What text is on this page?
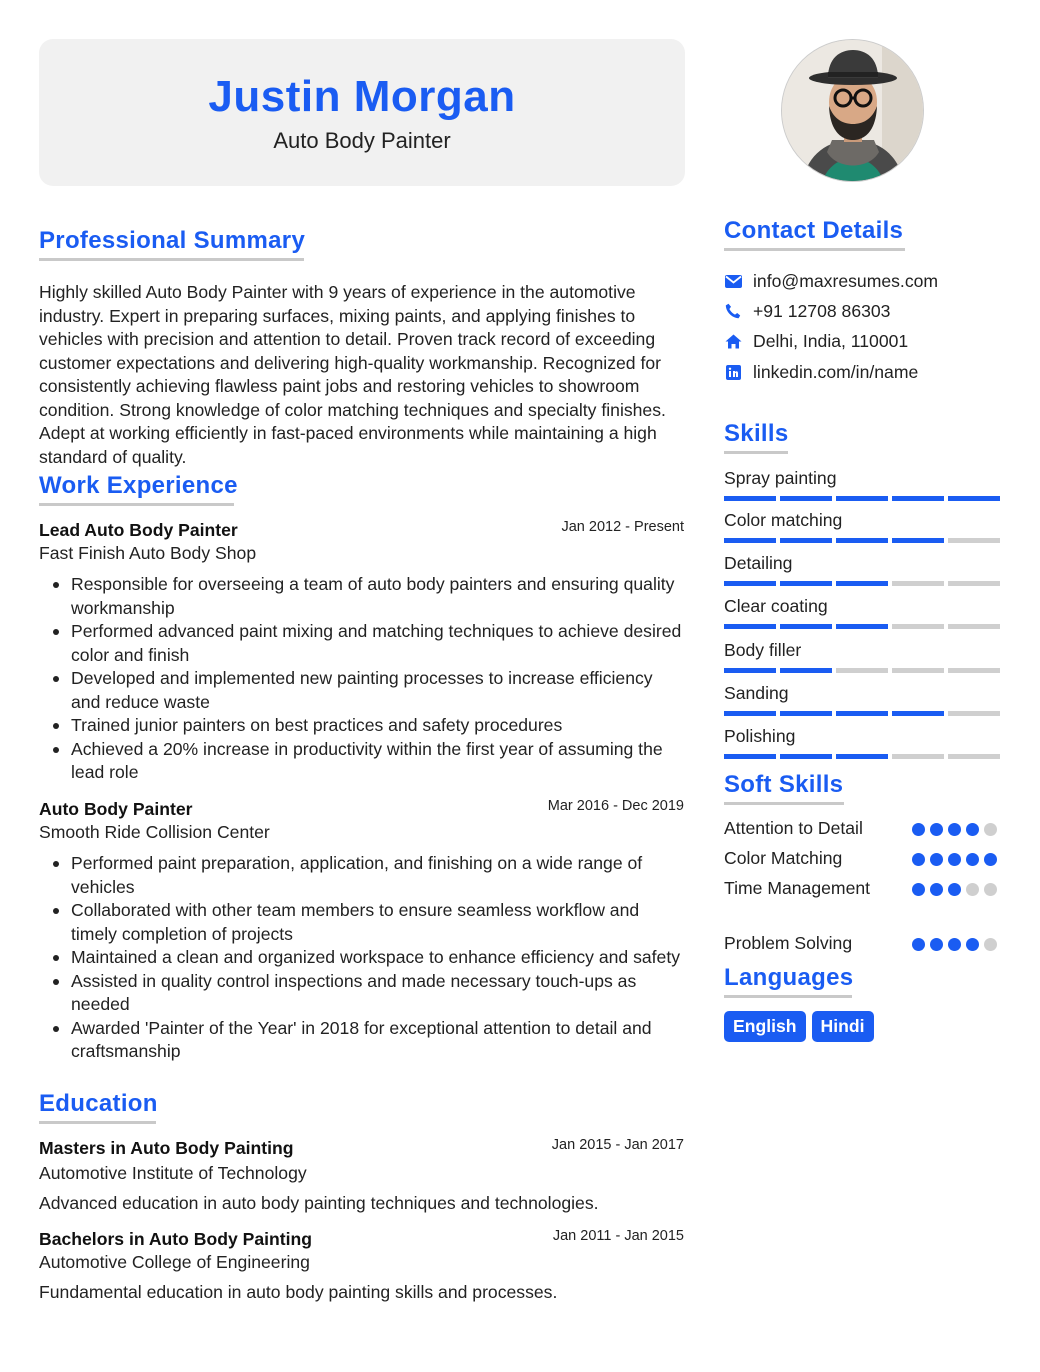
Justin Morgan
Auto Body Painter
Professional Summary
Highly skilled Auto Body Painter with 9 years of experience in the automotive industry. Expert in preparing surfaces, mixing paints, and applying finishes to vehicles with precision and attention to detail. Proven track record of exceeding customer expectations and delivering high-quality workmanship. Recognized for consistently achieving flawless paint jobs and restoring vehicles to showroom condition. Strong knowledge of color matching techniques and specialty finishes. Adept at working efficiently in fast-paced environments while maintaining a high standard of quality.
Work Experience
Lead Auto Body Painter	Jan 2012 - Present
Fast Finish Auto Body Shop
Responsible for overseeing a team of auto body painters and ensuring quality workmanship
Performed advanced paint mixing and matching techniques to achieve desired color and finish
Developed and implemented new painting processes to increase efficiency and reduce waste
Trained junior painters on best practices and safety procedures
Achieved a 20% increase in productivity within the first year of assuming the lead role
Auto Body Painter	Mar 2016 - Dec 2019
Smooth Ride Collision Center
Performed paint preparation, application, and finishing on a wide range of vehicles
Collaborated with other team members to ensure seamless workflow and timely completion of projects
Maintained a clean and organized workspace to enhance efficiency and safety
Assisted in quality control inspections and made necessary touch-ups as needed
Awarded 'Painter of the Year' in 2018 for exceptional attention to detail and craftsmanship
Education
Masters in Auto Body Painting	Jan 2015 - Jan 2017
Automotive Institute of Technology
Advanced education in auto body painting techniques and technologies.
Bachelors in Auto Body Painting	Jan 2011 - Jan 2015
Automotive College of Engineering
Fundamental education in auto body painting skills and processes.
Contact Details
info@maxresumes.com
+91 12708 86303
Delhi, India, 110001
linkedin.com/in/name
Skills
Spray painting
Color matching
Detailing
Clear coating
Body filler
Sanding
Polishing
Soft Skills
Attention to Detail
Color Matching
Time Management
Problem Solving
Languages
English	Hindi
